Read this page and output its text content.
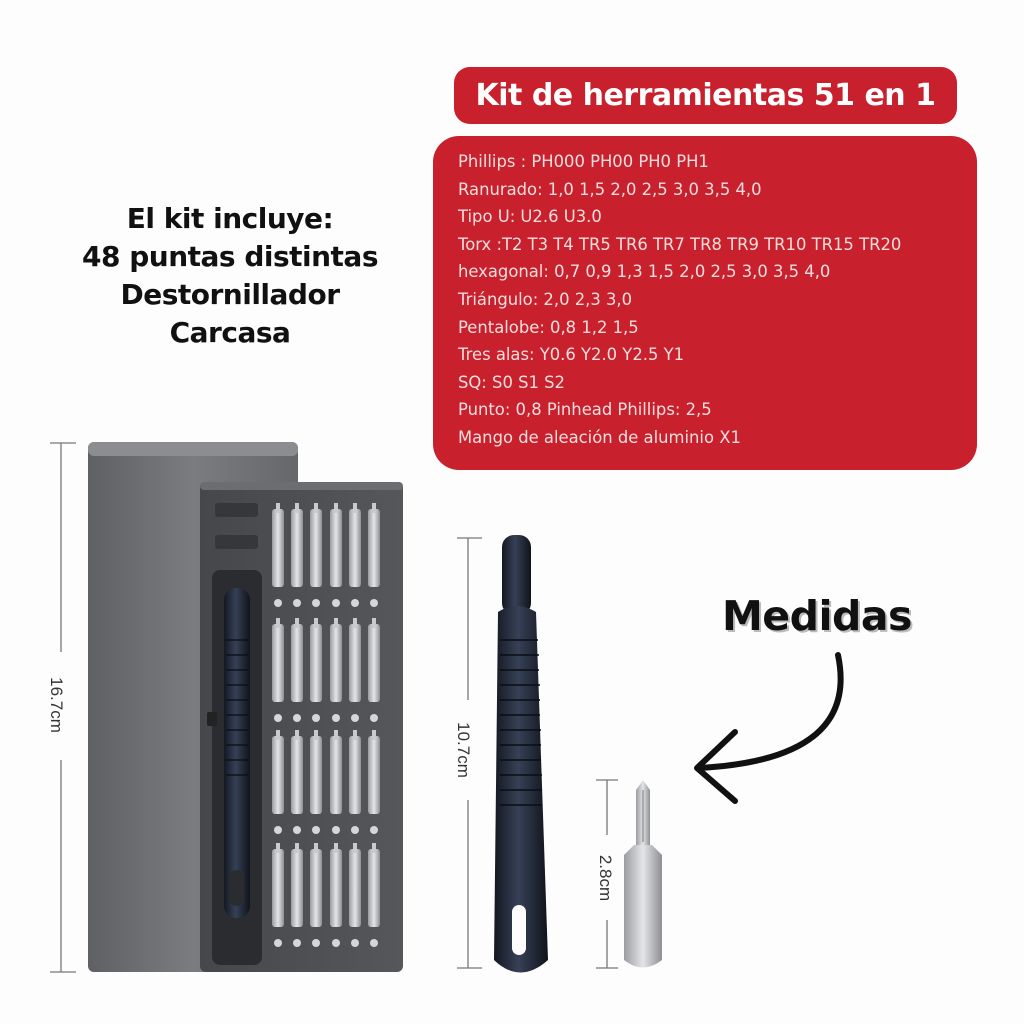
Kit de herramientas 51 en 1
Phillips : PH000 PH00 PH0 PH1
Ranurado: 1,0 1,5 2,0 2,5 3,0 3,5 4,0
Tipo U: U2.6 U3.0
Torx :T2 T3 T4 TR5 TR6 TR7 TR8 TR9 TR10 TR15 TR20
hexagonal: 0,7 0,9 1,3 1,5 2,0 2,5 3,0 3,5 4,0
Triángulo: 2,0 2,3 3,0
Pentalobe: 0,8 1,2 1,5
Tres alas: Y0.6 Y2.0 Y2.5 Y1
SQ: S0 S1 S2
Punto: 0,8 Pinhead Phillips: 2,5
Mango de aleación de aluminio X1
El kit incluye:
48 puntas distintas
Destornillador
Carcasa
Medidas
16.7cm
10.7cm
2.8cm
